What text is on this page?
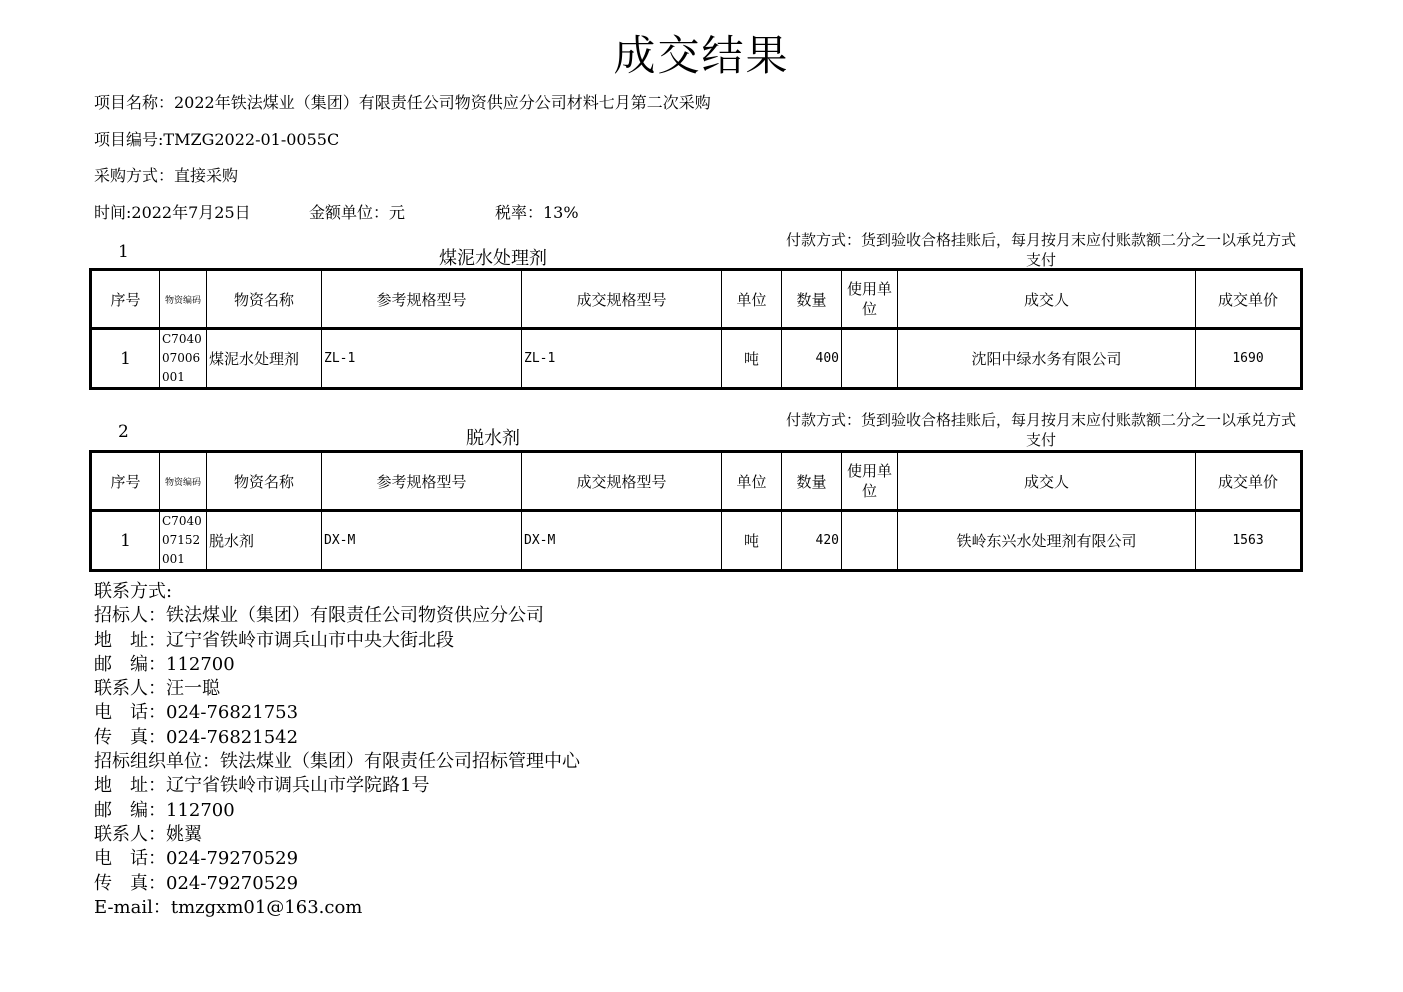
成交结果
项目名称：2022年铁法煤业（集团）有限责任公司物资供应分公司材料七月第二次采购
项目编号:TMZG2022-01-0055C
采购方式：直接采购
时间:2022年7月25日	金额单位：元	税率：13%
1	煤泥水处理剂
付款方式：货到验收合格挂账后，每月按月末应付账款额二分之一以承兑方式支付
序号	物资编码	物资名称	参考规格型号	成交规格型号	单位	数量	使用单位	成交人	成交单价
1	C704007006001	煤泥水处理剂	ZL-1	ZL-1	吨	400		沈阳中绿水务有限公司	1690
2	脱水剂
付款方式：货到验收合格挂账后，每月按月末应付账款额二分之一以承兑方式支付
序号	物资编码	物资名称	参考规格型号	成交规格型号	单位	数量	使用单位	成交人	成交单价
1	C704007152001	脱水剂	DX-M	DX-M	吨	420		铁岭东兴水处理剂有限公司	1563
联系方式:
招标人：铁法煤业（集团）有限责任公司物资供应分公司
地　址：辽宁省铁岭市调兵山市中央大街北段
邮　编：112700
联系人：汪一聪
电　话：024-76821753
传　真：024-76821542
招标组织单位：铁法煤业（集团）有限责任公司招标管理中心
地　址：辽宁省铁岭市调兵山市学院路1号
邮　编：112700
联系人：姚翼
电　话：024-79270529
传　真：024-79270529
E-mail：tmzgxm01@163.com
